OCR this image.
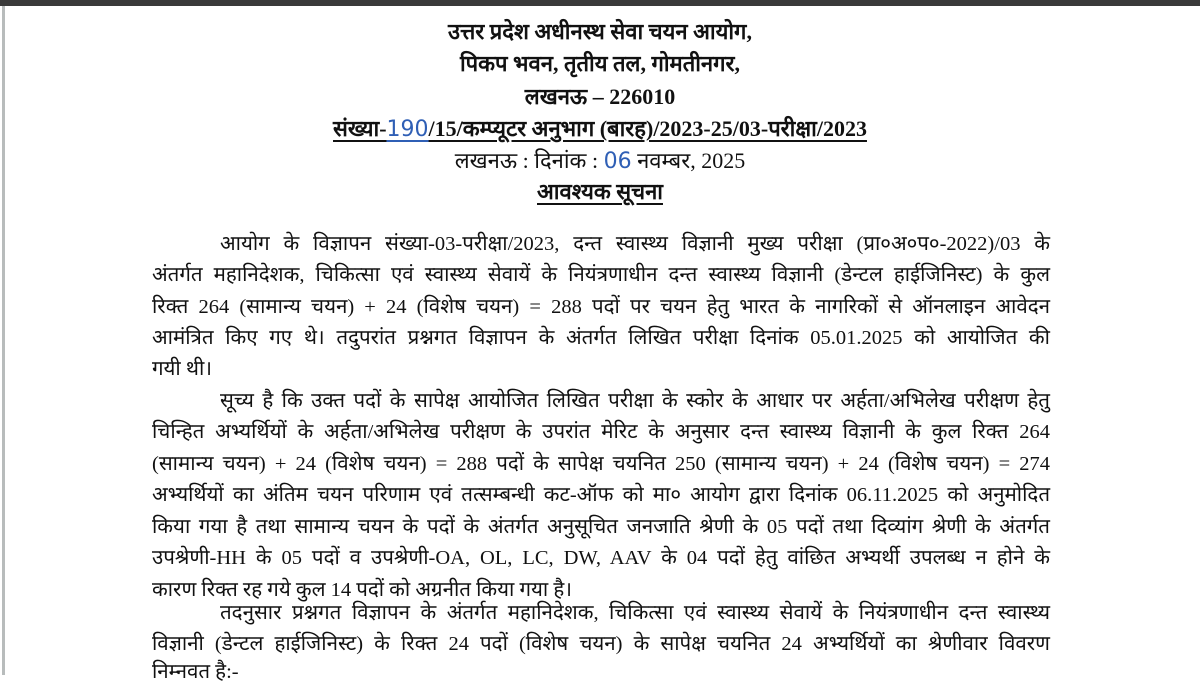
उत्तर प्रदेश अधीनस्थ सेवा चयन आयोग,
पिकप भवन, तृतीय तल, गोमतीनगर,
लखनऊ – 226010
संख्या-190/15/कम्प्यूटर अनुभाग (बारह)/2023-25/03-परीक्षा/2023
लखनऊ : दिनांक : 06 नवम्बर, 2025
आवश्यक सूचना
आयोग के विज्ञापन संख्या-03-परीक्षा/2023, दन्त स्वास्थ्य विज्ञानी मुख्य परीक्षा (प्रा०अ०प०-2022)/03 के
अंतर्गत महानिदेशक, चिकित्सा एवं स्वास्थ्य सेवायें के नियंत्रणाधीन दन्त स्वास्थ्य विज्ञानी (डेन्टल हाईजिनिस्ट) के कुल
रिक्त 264 (सामान्य चयन) + 24 (विशेष चयन) = 288 पदों पर चयन हेतु भारत के नागरिकों से ऑनलाइन आवेदन
आमंत्रित किए गए थे। तदुपरांत प्रश्नगत विज्ञापन के अंतर्गत लिखित परीक्षा दिनांक 05.01.2025 को आयोजित की
गयी थी।
सूच्य है कि उक्त पदों के सापेक्ष आयोजित लिखित परीक्षा के स्कोर के आधार पर अर्हता/अभिलेख परीक्षण हेतु
चिन्हित अभ्यर्थियों के अर्हता/अभिलेख परीक्षण के उपरांत मेरिट के अनुसार दन्त स्वास्थ्य विज्ञानी के कुल रिक्त 264
(सामान्य चयन) + 24 (विशेष चयन) = 288 पदों के सापेक्ष चयनित 250 (सामान्य चयन) + 24 (विशेष चयन) = 274
अभ्यर्थियों का अंतिम चयन परिणाम एवं तत्सम्बन्धी कट-ऑफ को मा० आयोग द्वारा दिनांक 06.11.2025 को अनुमोदित
किया गया है तथा सामान्य चयन के पदों के अंतर्गत अनुसूचित जनजाति श्रेणी के 05 पदों तथा दिव्यांग श्रेणी के अंतर्गत
उपश्रेणी-HH के 05 पदों व उपश्रेणी-OA, OL, LC, DW, AAV के 04 पदों हेतु वांछित अभ्यर्थी उपलब्ध न होने के
कारण रिक्त रह गये कुल 14 पदों को अग्रनीत किया गया है।
तदनुसार प्रश्नगत विज्ञापन के अंतर्गत महानिदेशक, चिकित्सा एवं स्वास्थ्य सेवायें के नियंत्रणाधीन दन्त स्वास्थ्य
विज्ञानी (डेन्टल हाईजिनिस्ट) के रिक्त 24 पदों (विशेष चयन) के सापेक्ष चयनित 24 अभ्यर्थियों का श्रेणीवार विवरण
निम्नवत है:-
